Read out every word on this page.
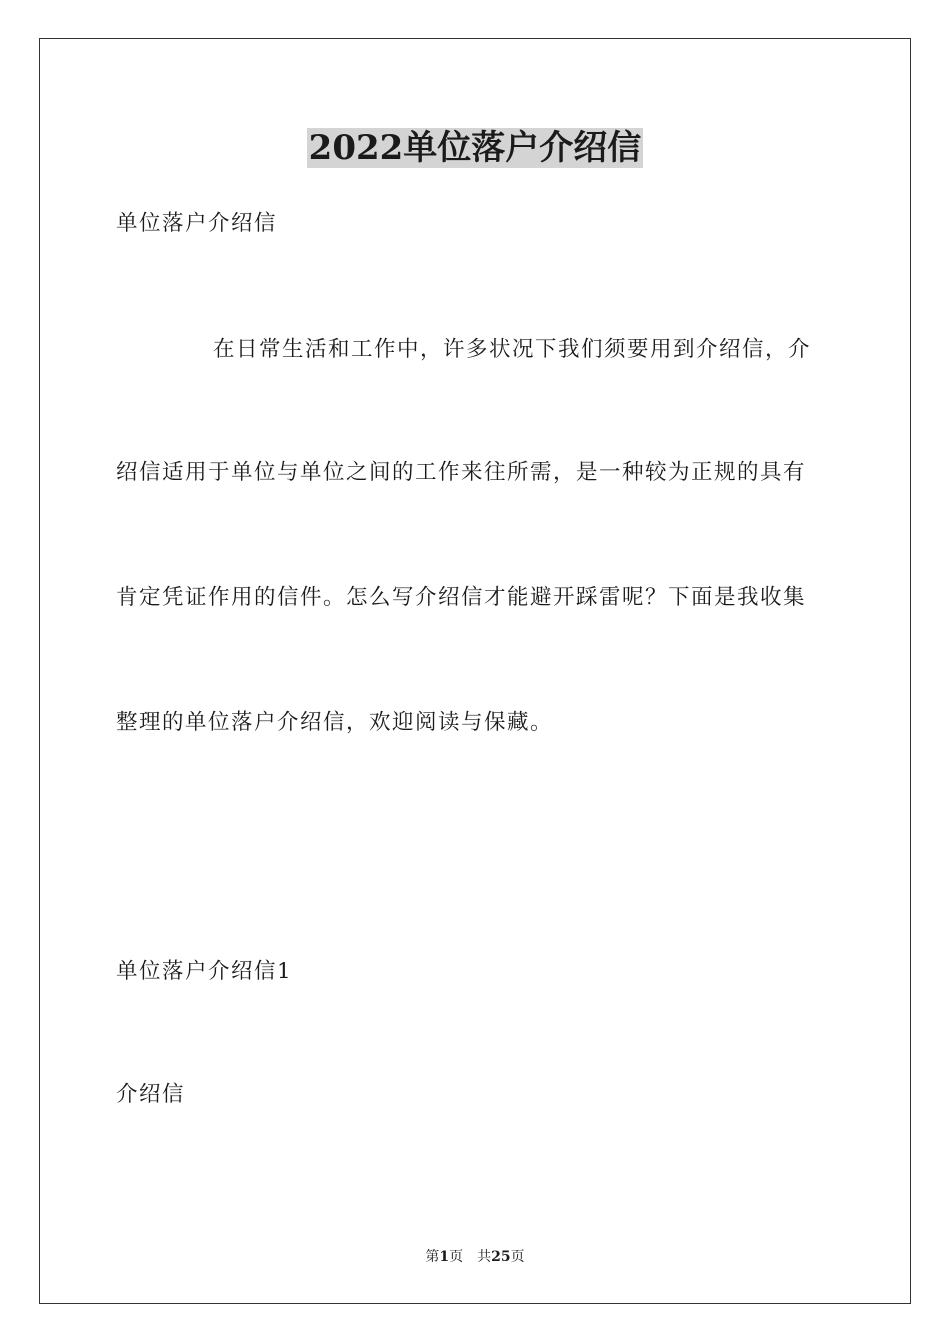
2022单位落户介绍信
单位落户介绍信
在日常生活和工作中，许多状况下我们须要用到介绍信，介
绍信适用于单位与单位之间的工作来往所需，是一种较为正规的具有
肯定凭证作用的信件。怎么写介绍信才能避开踩雷呢？下面是我收集
整理的单位落户介绍信，欢迎阅读与保藏。
单位落户介绍信1
介绍信
第1页 共25页
